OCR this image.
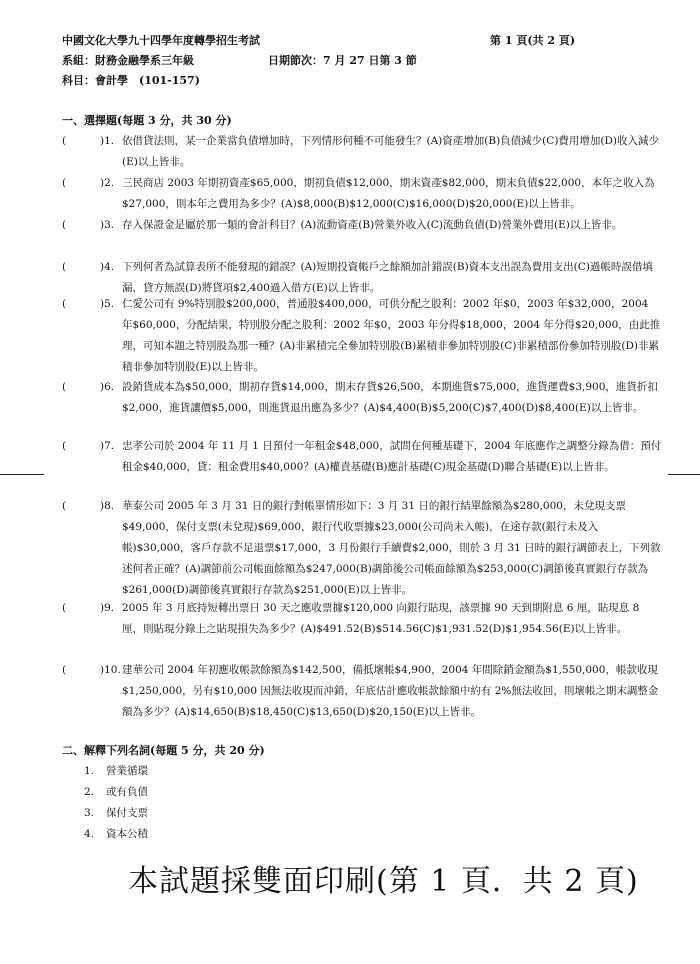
中國文化大學九十四學年度轉學招生考試	第 1 頁(共 2 頁)
系組：財務金融學系三年級	日期節次：7 月 27 日第 3 節
科目：會計學　(101-157)
一、選擇題(每題 3 分，共 30 分)
(	)1. 依借貸法則，某一企業當負債增加時，下列情形何種不可能發生？(A)資產增加(B)負債減少(C)費用增加(D)收入減少(E)以上皆非。
(	)2. 三民商店 2003 年期初資產$65,000，期初負債$12,000，期末資產$82,000，期末負債$22,000，本年之收入為$27,000，則本年之費用為多少？(A)$8,000(B)$12,000(C)$16,000(D)$20,000(E)以上皆非。
(	)3. 存入保證金是屬於那一類的會計科目？(A)流動資產(B)營業外收入(C)流動負債(D)營業外費用(E)以上皆非。
(	)4. 下列何者為試算表所不能發現的錯誤？(A)短期投資帳戶之餘額加計錯誤(B)資本支出誤為費用支出(C)過帳時誤借填漏，貸方無誤(D)將貸項$2,400過入借方(E)以上皆非。
(	)5. 仁愛公司有 9%特別股$200,000，普通股$400,000，可供分配之股利：2002 年$0，2003 年$32,000，2004 年$60,000，分配結果，特別股分配之股利：2002 年$0，2003 年分得$18,000，2004 年分得$20,000，由此推理，可知本題之特別股為那一種？(A)非累積完全參加特別股(B)累積非參加特別股(C)非累積部份參加特別股(D)非累積非參加特別股(E)以上皆非。
(	)6. 設銷貨成本為$50,000，期初存貨$14,000，期末存貨$26,500，本期進貨$75,000，進貨運費$3,900，進貨折扣$2,000，進貨讓價$5,000，則進貨退出應為多少？(A)$4,400(B)$5,200(C)$7,400(D)$8,400(E)以上皆非。
(	)7. 忠孝公司於 2004 年 11 月 1 日預付一年租金$48,000，試問在何種基礎下，2004 年底應作之調整分錄為借：預付租金$40,000，貸：租金費用$40,000？(A)權責基礎(B)應計基礎(C)現金基礎(D)聯合基礎(E)以上皆非。
(	)8. 華泰公司 2005 年 3 月 31 日的銀行對帳單情形如下：3 月 31 日的銀行結單餘額為$280,000，未兌現支票$49,000，保付支票(未兌現)$69,000，銀行代收票據$23,000(公司尚未入帳)，在途存款(銀行未及入帳)$30,000，客戶存款不足退票$17,000，3 月份銀行手續費$2,000，則於 3 月 31 日時的銀行調節表上，下列敘述何者正確？(A)調節前公司帳面餘額為$247,000(B)調節後公司帳面餘額為$253,000(C)調節後真實銀行存款為$261,000(D)調節後真實銀行存款為$251,000(E)以上皆非。
(	)9. 2005 年 3 月底持短轉出票日 30 天之應收票據$120,000 向銀行貼現，該票據 90 天到期附息 6 厘，貼現息 8 厘，則貼現分錄上之貼現損失為多少？(A)$491.52(B)$514.56(C)$1,931.52(D)$1,954.56(E)以上皆非。
(	)10. 建華公司 2004 年初應收帳款餘額為$142,500，備抵壞帳$4,900，2004 年間除銷金額為$1,550,000，帳款收現$1,250,000，另有$10,000 因無法收現而沖銷，年底估計應收帳款餘額中約有 2%無法收回，則壞帳之期末調整金額為多少？(A)$14,650(B)$18,450(C)$13,650(D)$20,150(E)以上皆非。
二、解釋下列名詞(每題 5 分，共 20 分)
1. 營業循環
2. 或有負債
3. 保付支票
4. 資本公積
本試題採雙面印刷(第 1 頁．共 2 頁)
